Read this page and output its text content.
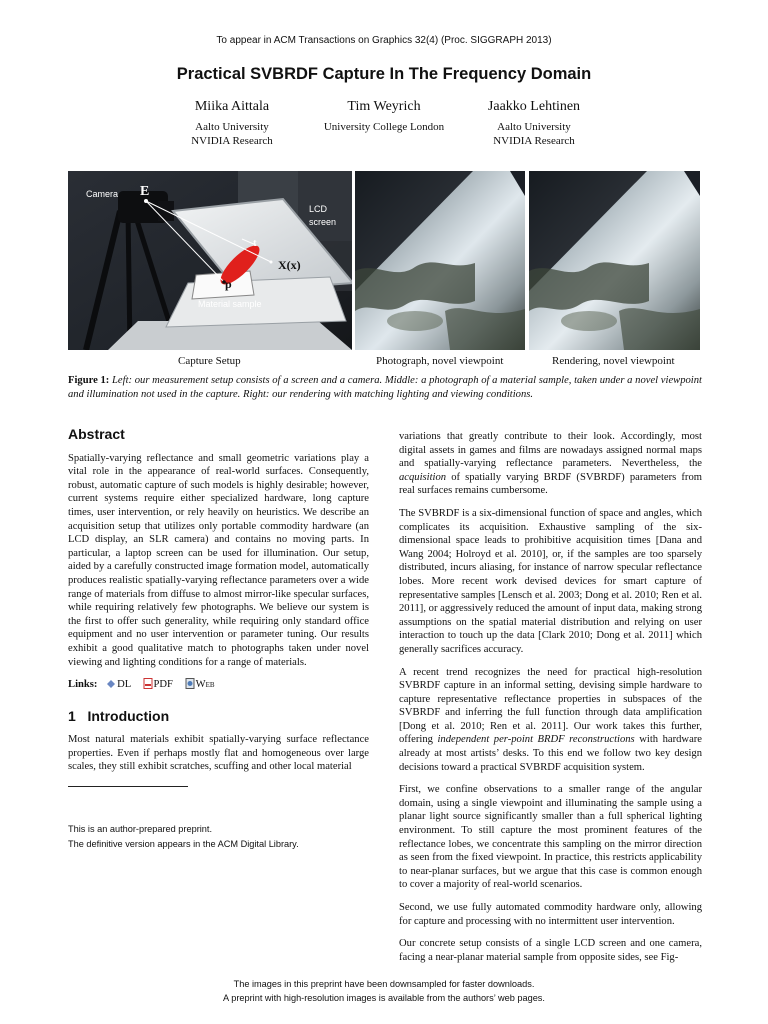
To appear in ACM Transactions on Graphics 32(4) (Proc. SIGGRAPH 2013)
Practical SVBRDF Capture In The Frequency Domain
Miika Aittala
Aalto University
NVIDIA Research
Tim Weyrich
University College London
Jaakko Lehtinen
Aalto University
NVIDIA Research
Camera E
LCD
screen
t
X(x)
p
Material sample
Capture Setup	Photograph, novel viewpoint	Rendering, novel viewpoint
Figure 1: Left: our measurement setup consists of a screen and a camera. Middle: a photograph of a material sample, taken under a novel viewpoint and illumination not used in the capture. Right: our rendering with matching lighting and viewing conditions.
Abstract

Spatially-varying reflectance and small geometric variations play a vital role in the appearance of real-world surfaces. Consequently, robust, automatic capture of such models is highly desirable; however, current systems require either specialized hardware, long capture times, user intervention, or rely heavily on heuristics. We describe an acquisition setup that utilizes only portable commodity hardware (an LCD display, an SLR camera) and contains no moving parts. In particular, a laptop screen can be used for illumination. Our setup, aided by a carefully constructed image formation model, automatically produces realistic spatially-varying reflectance parameters over a wide range of materials from diffuse to almost mirror-like specular surfaces, while requiring relatively few photographs. We believe our system is the first to offer such generality, while requiring only standard office equipment and no user intervention or parameter tuning. Our results exhibit a good qualitative match to photographs taken under novel viewing and lighting conditions for a range of materials.

Links: DL PDF Web
1 Introduction

Most natural materials exhibit spatially-varying surface reflectance properties. Even if perhaps mostly flat and homogeneous over large scales, they still exhibit scratches, scuffing and other local material

This is an author-prepared preprint.
The definitive version appears in the ACM Digital Library.

variations that greatly contribute to their look. Accordingly, most digital assets in games and films are nowadays assigned normal maps and spatially-varying reflectance parameters. Nevertheless, the acquisition of spatially varying BRDF (SVBRDF) parameters from real surfaces remains cumbersome.

The SVBRDF is a six-dimensional function of space and angles, which complicates its acquisition. Exhaustive sampling of the six-dimensional space leads to prohibitive acquisition times [Dana and Wang 2004; Holroyd et al. 2010], or, if the samples are too sparsely distributed, incurs aliasing, for instance of narrow specular reflectance lobes. More recent work devised devices for smart capture of representative samples [Lensch et al. 2003; Dong et al. 2010; Ren et al. 2011], or aggressively reduced the amount of input data, making strong assumptions on the spatial material distribution and relying on user interaction to touch up the data [Clark 2010; Dong et al. 2011] which generally sacrifices accuracy.

A recent trend recognizes the need for practical high-resolution SVBRDF capture in an informal setting, devising simple hardware to capture representative reflectance properties in subspaces of the SVBRDF and inferring the full function through data amplification [Dong et al. 2010; Ren et al. 2011]. Our work takes this further, offering independent per-point BRDF reconstructions with hardware already at most artists’ desks. To this end we follow two key design decisions toward a practical SVBRDF acquisition system.

First, we confine observations to a smaller range of the angular domain, using a single viewpoint and illuminating the sample using a planar light source significantly smaller than a full spherical lighting environment. To still capture the most prominent features of the reflectance lobes, we concentrate this sampling on the mirror direction as seen from the fixed viewpoint. In practice, this restricts applicability to near-planar surfaces, but we argue that this case is common enough to cover a majority of real-world scenarios.

Second, we use fully automated commodity hardware only, allowing for capture and processing with no intermittent user intervention.

Our concrete setup consists of a single LCD screen and one camera, facing a near-planar material sample from opposite sides, see Fig-

The images in this preprint have been downsampled for faster downloads.
A preprint with high-resolution images is available from the authors’ web pages.
